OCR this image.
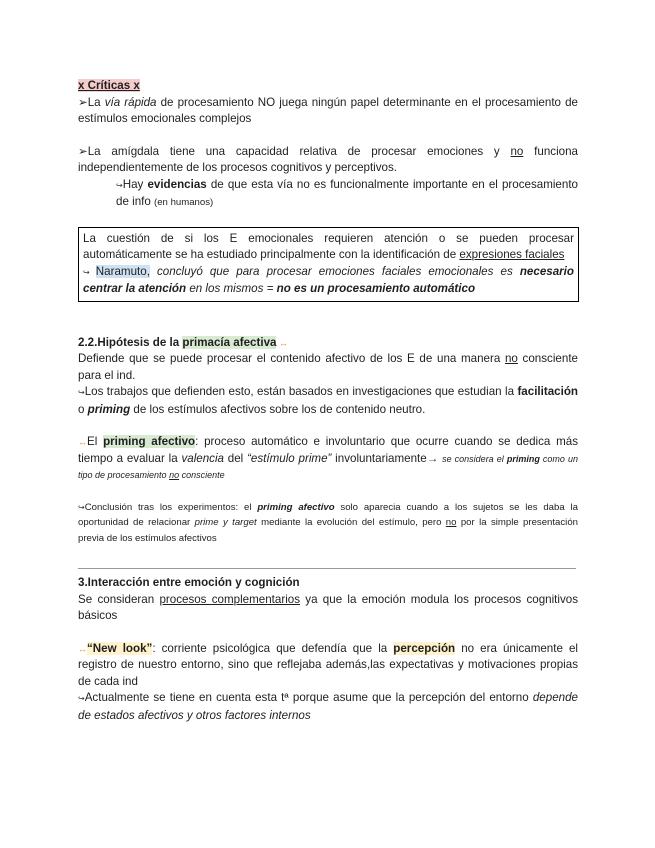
x Críticas x

➢La vía rápida de procesamiento NO juega ningún papel determinante en el procesamiento de estímulos emocionales complejos

➢La amígdala tiene una capacidad relativa de procesar emociones y no funciona independientemente de los procesos cognitivos y perceptivos.

↪Hay evidencias de que esta vía no es funcionalmente importante en el procesamiento de info (en humanos)

La cuestión de si los E emocionales requieren atención o se pueden procesar automáticamente se ha estudiado principalmente con la identificación de expresiones faciales

↪ Naramuto, concluyó que para procesar emociones faciales emocionales es necesario centrar la atención en los mismos = no es un procesamiento automático

2.2.Hipótesis de la primacía afectiva ↔

Defiende que se puede procesar el contenido afectivo de los E de una manera no consciente para el ind.

↪Los trabajos que defienden esto, están basados en investigaciones que estudian la facilitación o priming de los estímulos afectivos sobre los de contenido neutro.

↔El priming afectivo: proceso automático e involuntario que ocurre cuando se dedica más tiempo a evaluar la valencia del “estímulo prime” involuntariamente→ se considera el priming como un tipo de procesamiento no consciente

↪Conclusión tras los experimentos: el priming afectivo solo aparecia cuando a los sujetos se les daba la oportunidad de relacionar prime y target mediante la evolución del estímulo, pero no por la simple presentación previa de los estímulos afectivos

3.Interacción entre emoción y cognición

Se consideran procesos complementarios ya que la emoción modula los procesos cognitivos básicos

↔“New look”: corriente psicológica que defendía que la percepción no era únicamente el registro de nuestro entorno, sino que reflejaba además,las expectativas y motivaciones propias de cada ind

↪Actualmente se tiene en cuenta esta tª porque asume que la percepción del entorno depende de estados afectivos y otros factores internos
